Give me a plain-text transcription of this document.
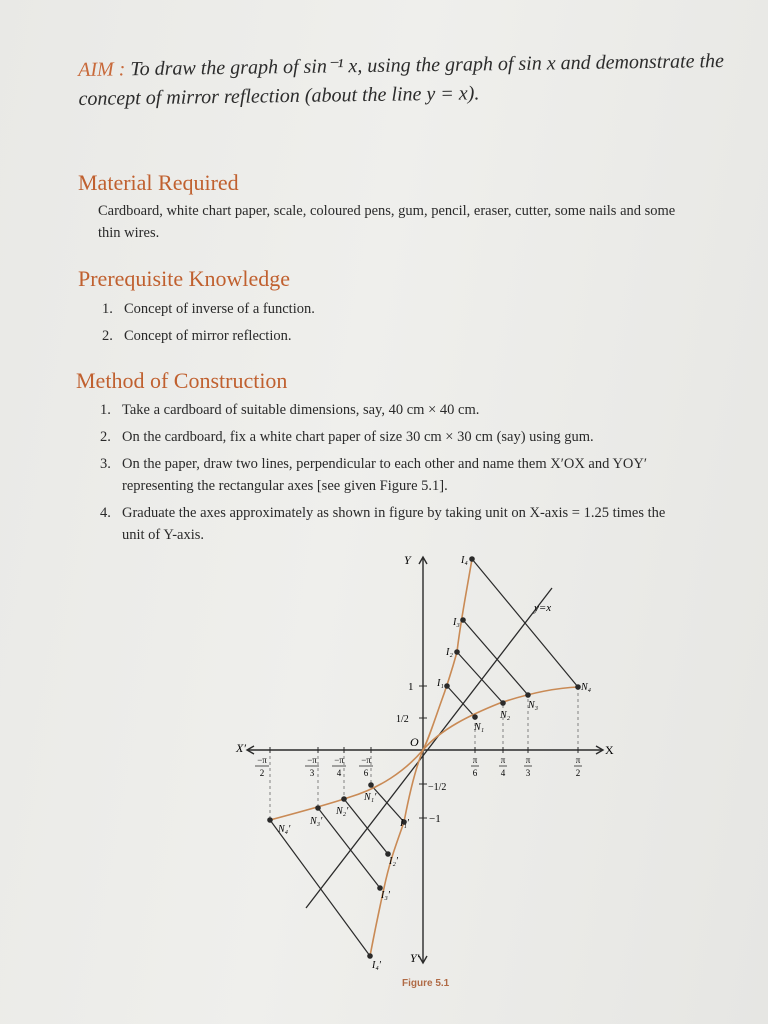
AIM : To draw the graph of sin⁻¹ x, using the graph of sin x and demonstrate the
concept of mirror reflection (about the line y = x).
Material Required
Cardboard, white chart paper, scale, coloured pens, gum, pencil, eraser, cutter, some nails and some
thin wires.
Prerequisite Knowledge
1. Concept of inverse of a function.
2. Concept of mirror reflection.
Method of Construction
1. Take a cardboard of suitable dimensions, say, 40 cm × 40 cm.
2. On the cardboard, fix a white chart paper of size 30 cm × 30 cm (say) using gum.
3. On the paper, draw two lines, perpendicular to each other and name them X′OX and YOY′
representing the rectangular axes [see given Figure 5.1].
4. Graduate the axes approximately as shown in figure by taking unit on X-axis = 1.25 times the
unit of Y-axis.
X
X′
Y
Y′
O
y=x
1
1/2
−1/2
−1
π
6
π
4
π
3
π
2
−π
2
−π
3
−π
4
−π
6
N₁
N₂
N₃
N₄
I₁
I₂
I₃
I₄
N₁′
N₂′
N₃′
N₄′
I₁′
I₂′
I₃′
I₄′
Figure 5.1
